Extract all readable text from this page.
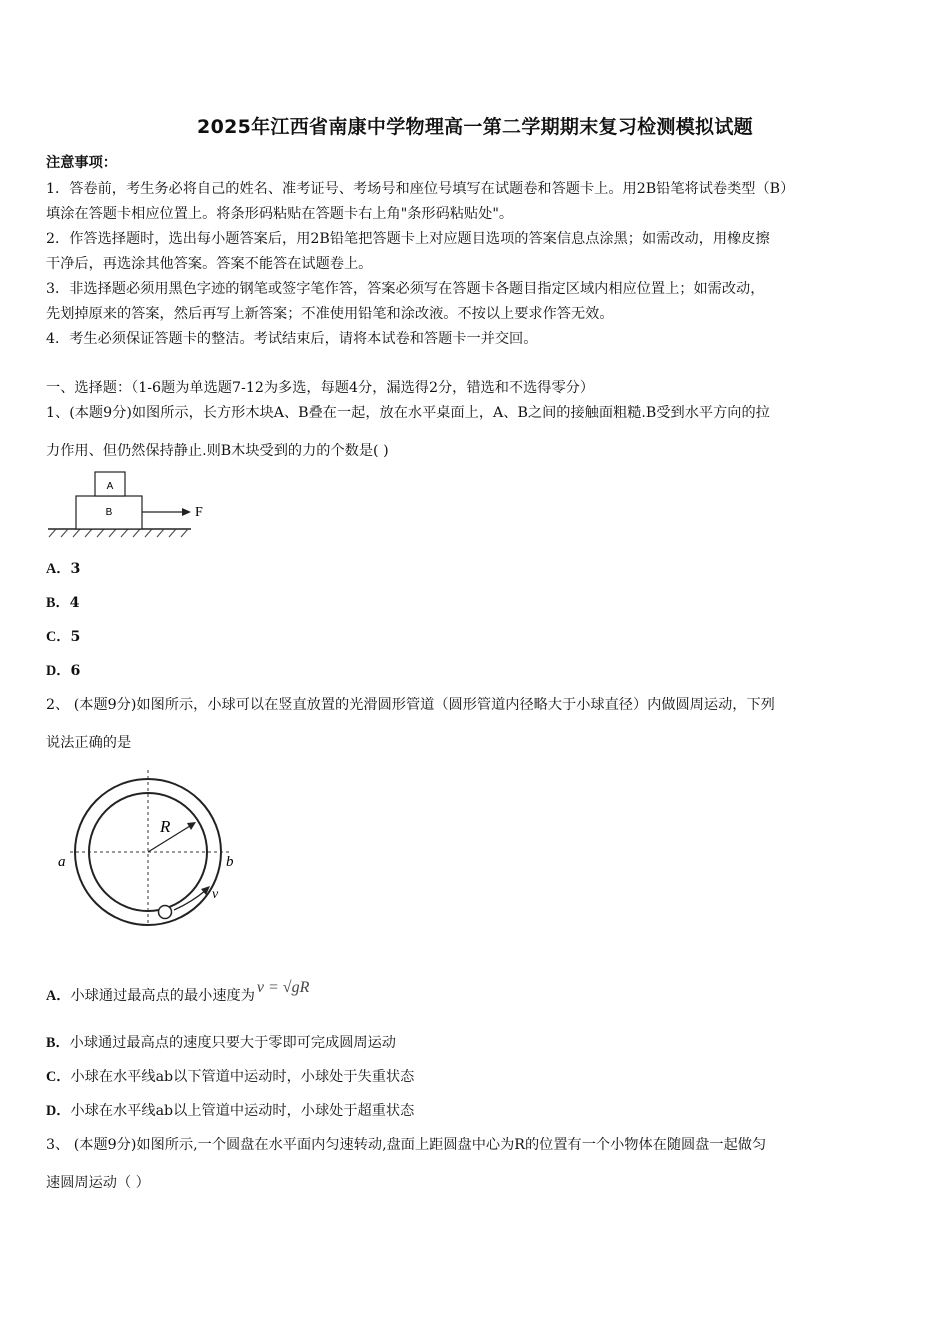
2025年江西省南康中学物理高一第二学期期末复习检测模拟试题
注意事项：
1．答卷前，考生务必将自己的姓名、准考证号、考场号和座位号填写在试题卷和答题卡上。用2B铅笔将试卷类型（B）
填涂在答题卡相应位置上。将条形码粘贴在答题卡右上角"条形码粘贴处"。
2．作答选择题时，选出每小题答案后，用2B铅笔把答题卡上对应题目选项的答案信息点涂黑；如需改动，用橡皮擦
干净后，再选涂其他答案。答案不能答在试题卷上。
3．非选择题必须用黑色字迹的钢笔或签字笔作答，答案必须写在答题卡各题目指定区域内相应位置上；如需改动，
先划掉原来的答案，然后再写上新答案；不准使用铅笔和涂改液。不按以上要求作答无效。
4．考生必须保证答题卡的整洁。考试结束后，请将本试卷和答题卡一并交回。
一、选择题：（1-6题为单选题7-12为多选，每题4分，漏选得2分，错选和不选得零分）
1、(本题9分)如图所示，长方形木块A、B叠在一起，放在水平桌面上，A、B之间的接触面粗糙.B受到水平方向的拉
力作用、但仍然保持静止.则B木块受到的力的个数是( )
A
B	F
A．3
B．4
C．5
D．6
2、 (本题9分)如图所示，小球可以在竖直放置的光滑圆形管道（圆形管道内径略大于小球直径）内做圆周运动，下列
说法正确的是
R
a	b
v
A．小球通过最高点的最小速度为 v = √gR
B．小球通过最高点的速度只要大于零即可完成圆周运动
C．小球在水平线ab以下管道中运动时，小球处于失重状态
D．小球在水平线ab以上管道中运动时，小球处于超重状态
3、 (本题9分)如图所示,一个圆盘在水平面内匀速转动,盘面上距圆盘中心为R的位置有一个小物体在随圆盘一起做匀
速圆周运动（ ）
